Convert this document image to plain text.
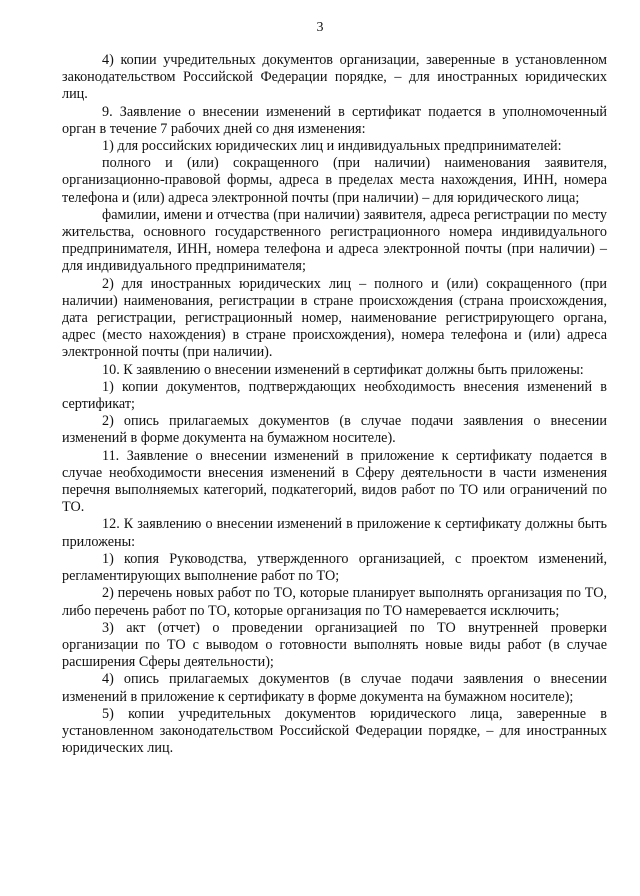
3

4) копии учредительных документов организации, заверенные в установленном законодательством Российской Федерации порядке, – для иностранных юридических лиц.

9. Заявление о внесении изменений в сертификат подается в уполномоченный орган в течение 7 рабочих дней со дня изменения:

1) для российских юридических лиц и индивидуальных предпринимателей:

полного и (или) сокращенного (при наличии) наименования заявителя, организационно-правовой формы, адреса в пределах места нахождения, ИНН, номера телефона и (или) адреса электронной почты (при наличии) – для юридического лица;

фамилии, имени и отчества (при наличии) заявителя, адреса регистрации по месту жительства, основного государственного регистрационного номера индивидуального предпринимателя, ИНН, номера телефона и адреса электронной почты (при наличии) – для индивидуального предпринимателя;

2) для иностранных юридических лиц – полного и (или) сокращенного (при наличии) наименования, регистрации в стране происхождения (страна происхождения, дата регистрации, регистрационный номер, наименование регистрирующего органа, адрес (место нахождения) в стране происхождения), номера телефона и (или) адреса электронной почты (при наличии).

10. К заявлению о внесении изменений в сертификат должны быть приложены:

1) копии документов, подтверждающих необходимость внесения изменений в сертификат;

2) опись прилагаемых документов (в случае подачи заявления о внесении изменений в форме документа на бумажном носителе).

11. Заявление о внесении изменений в приложение к сертификату подается в случае необходимости внесения изменений в Сферу деятельности в части изменения перечня выполняемых категорий, подкатегорий, видов работ по ТО или ограничений по ТО.

12. К заявлению о внесении изменений в приложение к сертификату должны быть приложены:

1) копия Руководства, утвержденного организацией, с проектом изменений, регламентирующих выполнение работ по ТО;

2) перечень новых работ по ТО, которые планирует выполнять организация по ТО, либо перечень работ по ТО, которые организация по ТО намеревается исключить;

3) акт (отчет) о проведении организацией по ТО внутренней проверки организации по ТО с выводом о готовности выполнять новые виды работ (в случае расширения Сферы деятельности);

4) опись прилагаемых документов (в случае подачи заявления о внесении изменений в приложение к сертификату в форме документа на бумажном носителе);

5) копии учредительных документов юридического лица, заверенные в установленном законодательством Российской Федерации порядке, – для иностранных юридических лиц.
